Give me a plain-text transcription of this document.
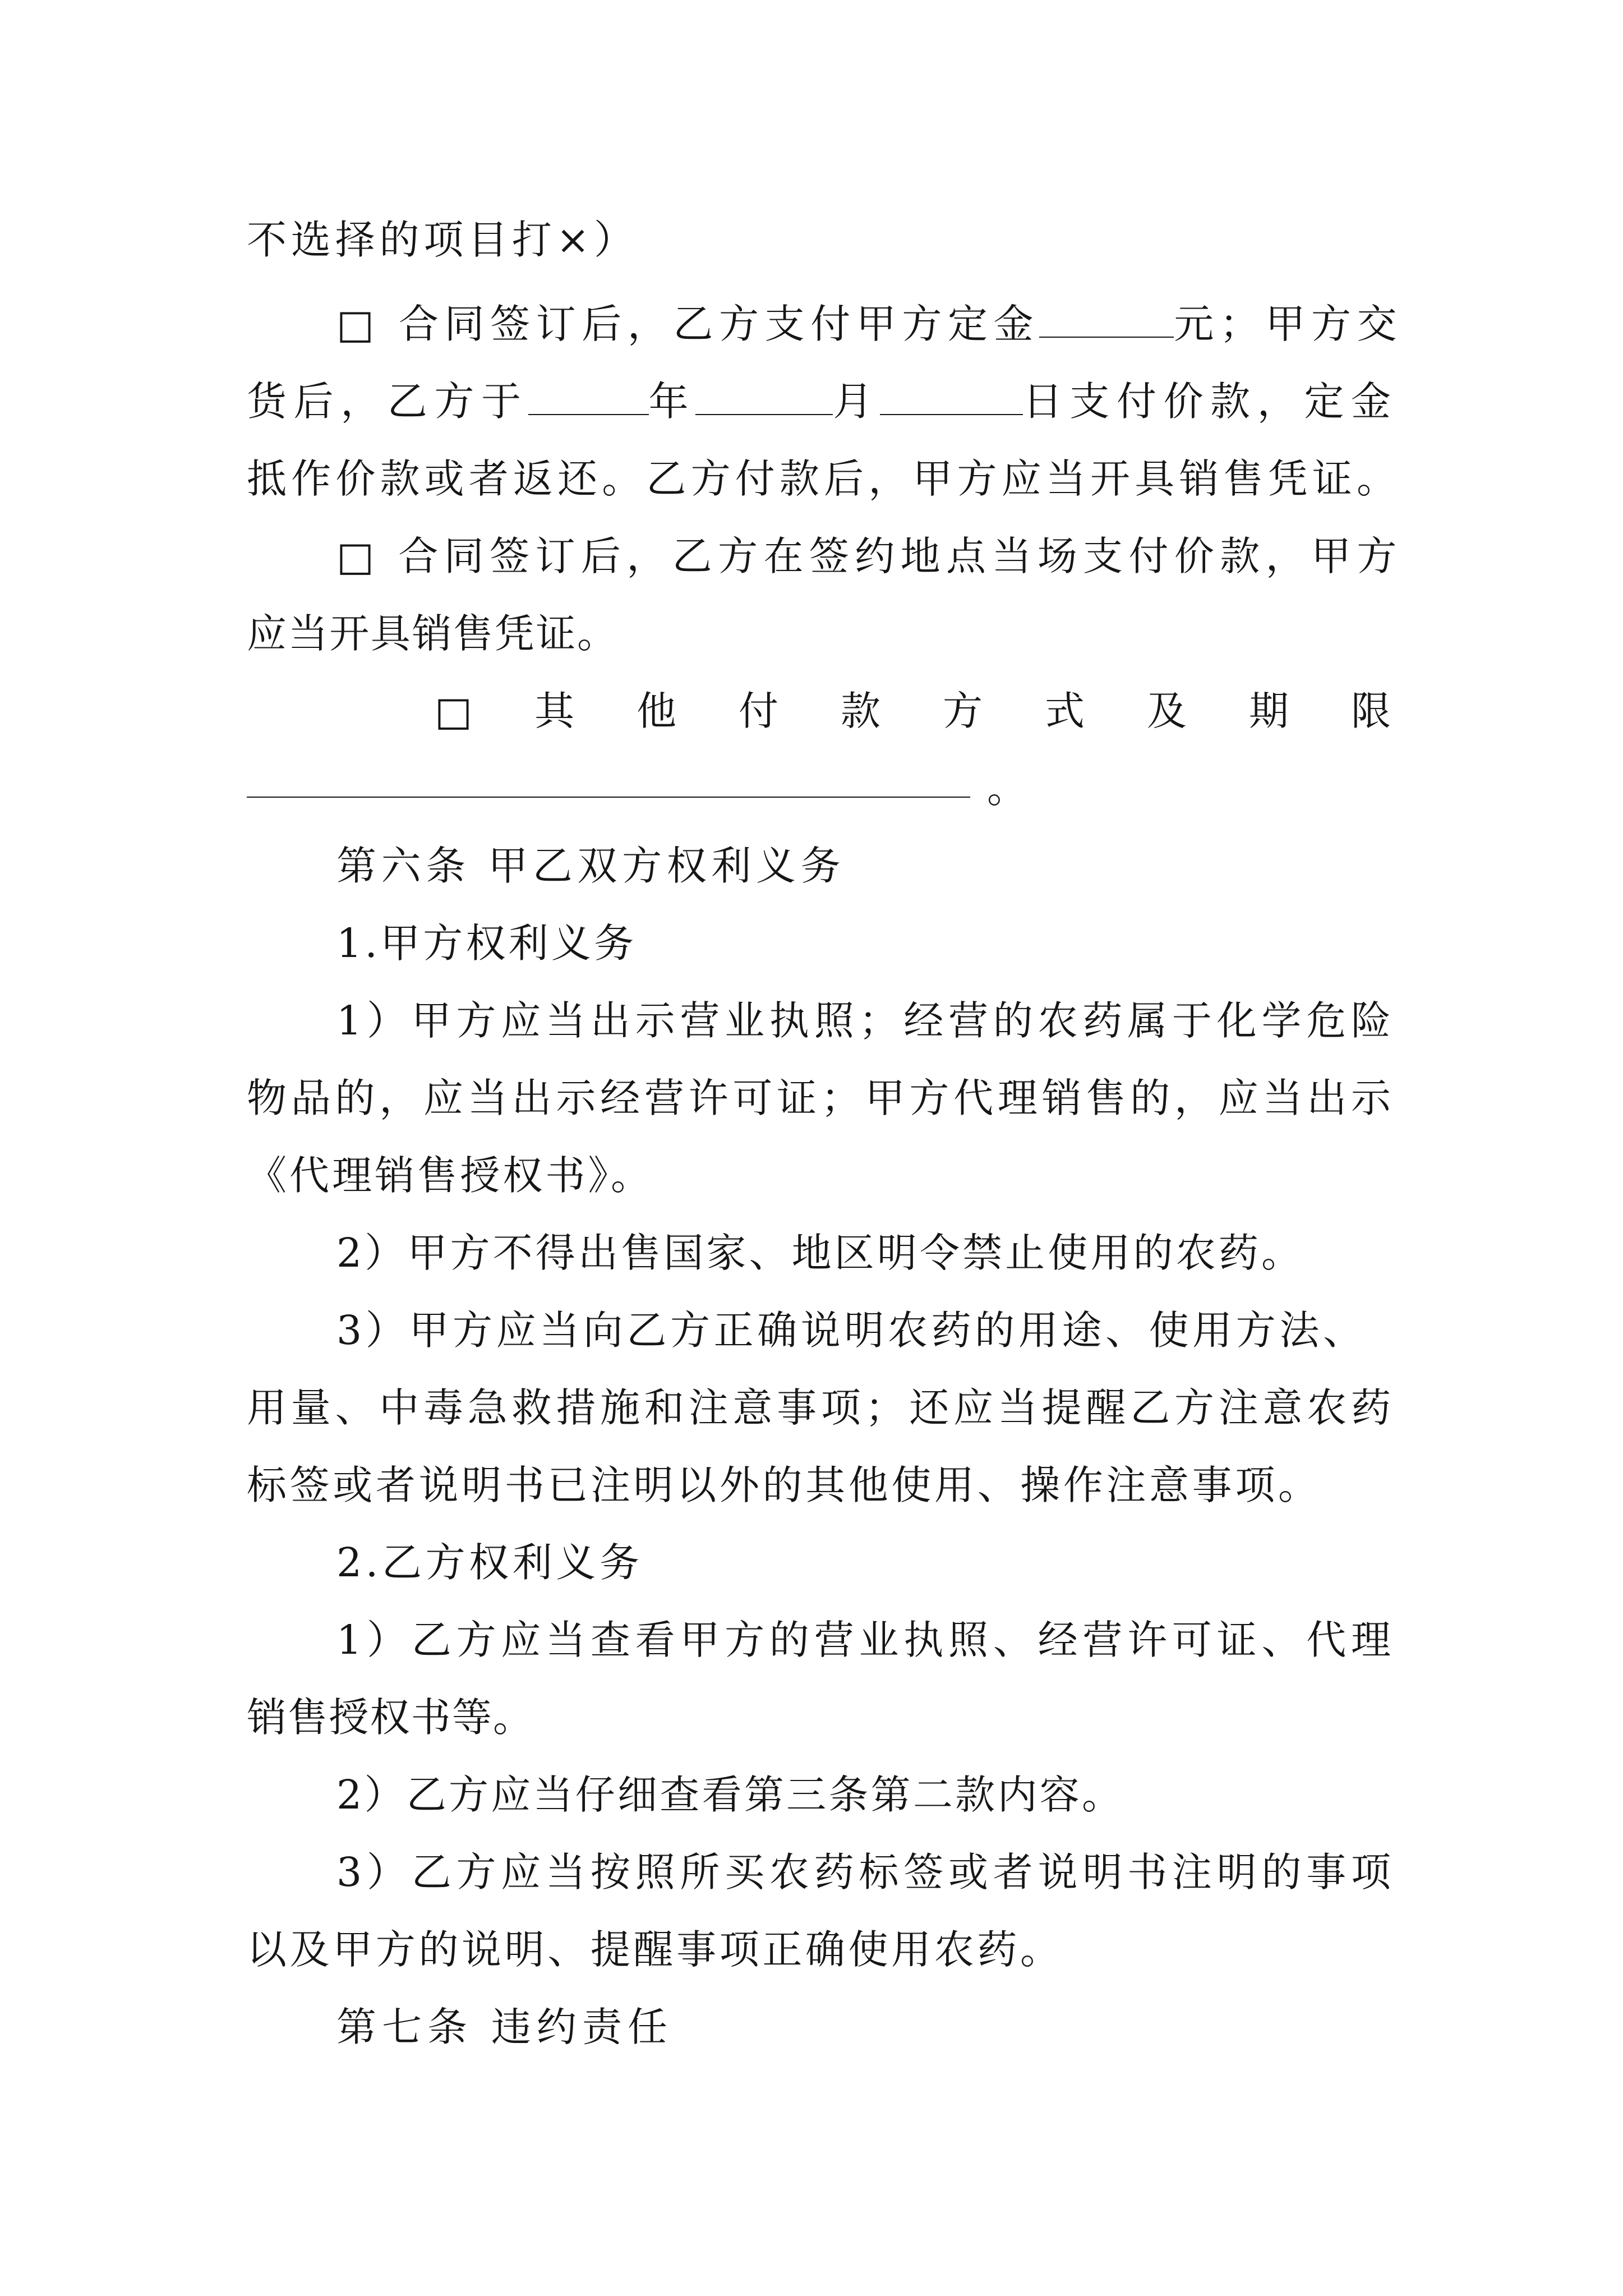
不选择的项目打×）

□ 合同签订后，乙方支付甲方定金	元；甲方交

货后，乙方于	年	月	日支付价款，定金

抵作价款或者返还。乙方付款后，甲方应当开具销售凭证。

□ 合同签订后，乙方在签约地点当场支付价款，甲方

应当开具销售凭证。

□ 其 他 付 款 方 式 及 期 限

。

第六条 甲乙双方权利义务

1.甲方权利义务

1）甲方应当出示营业执照；经营的农药属于化学危险

物品的，应当出示经营许可证；甲方代理销售的，应当出示

《代理销售授权书》。

2）甲方不得出售国家、地区明令禁止使用的农药。

3）甲方应当向乙方正确说明农药的用途、使用方法、

用量、中毒急救措施和注意事项；还应当提醒乙方注意农药

标签或者说明书已注明以外的其他使用、操作注意事项。

2.乙方权利义务

1）乙方应当查看甲方的营业执照、经营许可证、代理

销售授权书等。

2）乙方应当仔细查看第三条第二款内容。

3）乙方应当按照所买农药标签或者说明书注明的事项

以及甲方的说明、提醒事项正确使用农药。

第七条 违约责任
